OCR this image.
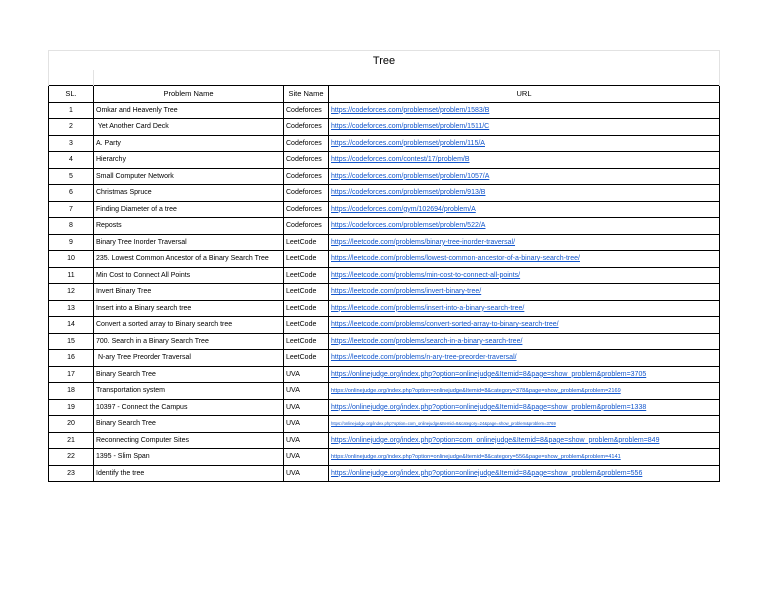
Tree			

SL.	Problem Name	Site Name	URL
1	Omkar and Heavenly Tree	Codeforces	https://codeforces.com/problemset/problem/1583/B
2	Yet Another Card Deck	Codeforces	https://codeforces.com/problemset/problem/1511/C
3	A. Party	Codeforces	https://codeforces.com/problemset/problem/115/A
4	Hierarchy	Codeforces	https://codeforces.com/contest/17/problem/B
5	Small Computer Network	Codeforces	https://codeforces.com/problemset/problem/1057/A
6	Christmas Spruce	Codeforces	https://codeforces.com/problemset/problem/913/B
7	Finding Diameter of a tree	Codeforces	https://codeforces.com/gym/102694/problem/A
8	Reposts	Codeforces	https://codeforces.com/problemset/problem/522/A
9	Binary Tree Inorder Traversal	LeetCode	https://leetcode.com/problems/binary-tree-inorder-traversal/
10	235. Lowest Common Ancestor of a Binary Search Tree	LeetCode	https://leetcode.com/problems/lowest-common-ancestor-of-a-binary-search-tree/
11	Min Cost to Connect All Points	LeetCode	https://leetcode.com/problems/min-cost-to-connect-all-points/
12	Invert Binary Tree	LeetCode	https://leetcode.com/problems/invert-binary-tree/
13	Insert into a Binary search tree	LeetCode	https://leetcode.com/problems/insert-into-a-binary-search-tree/
14	Convert a sorted array to Binary search tree	LeetCode	https://leetcode.com/problems/convert-sorted-array-to-binary-search-tree/
15	700. Search in a Binary Search Tree	LeetCode	https://leetcode.com/problems/search-in-a-binary-search-tree/
16	N-ary Tree Preorder Traversal	LeetCode	https://leetcode.com/problems/n-ary-tree-preorder-traversal/
17	Binary Search Tree	UVA	https://onlinejudge.org/index.php?option=onlinejudge&Itemid=8&page=show_problem&problem=3705
18	Transportation system	UVA	https://onlinejudge.org/index.php?option=onlinejudge&Itemid=8&category=378&page=show_problem&problem=2169
19	10397 - Connect the Campus	UVA	https://onlinejudge.org/index.php?option=onlinejudge&Itemid=8&page=show_problem&problem=1338
20	Binary Search Tree	UVA	https://onlinejudge.org/index.php?option=com_onlinejudge&Itemid=8&category=24&page=show_problem&problem=3769
21	Reconnecting Computer Sites	UVA	https://onlinejudge.org/index.php?option=com_onlinejudge&Itemid=8&page=show_problem&problem=849
22	1395 - Slim Span	UVA	https://onlinejudge.org/index.php?option=onlinejudge&Itemid=8&category=556&page=show_problem&problem=4141
23	Identify the tree	UVA	https://onlinejudge.org/index.php?option=onlinejudge&Itemid=8&page=show_problem&problem=556
